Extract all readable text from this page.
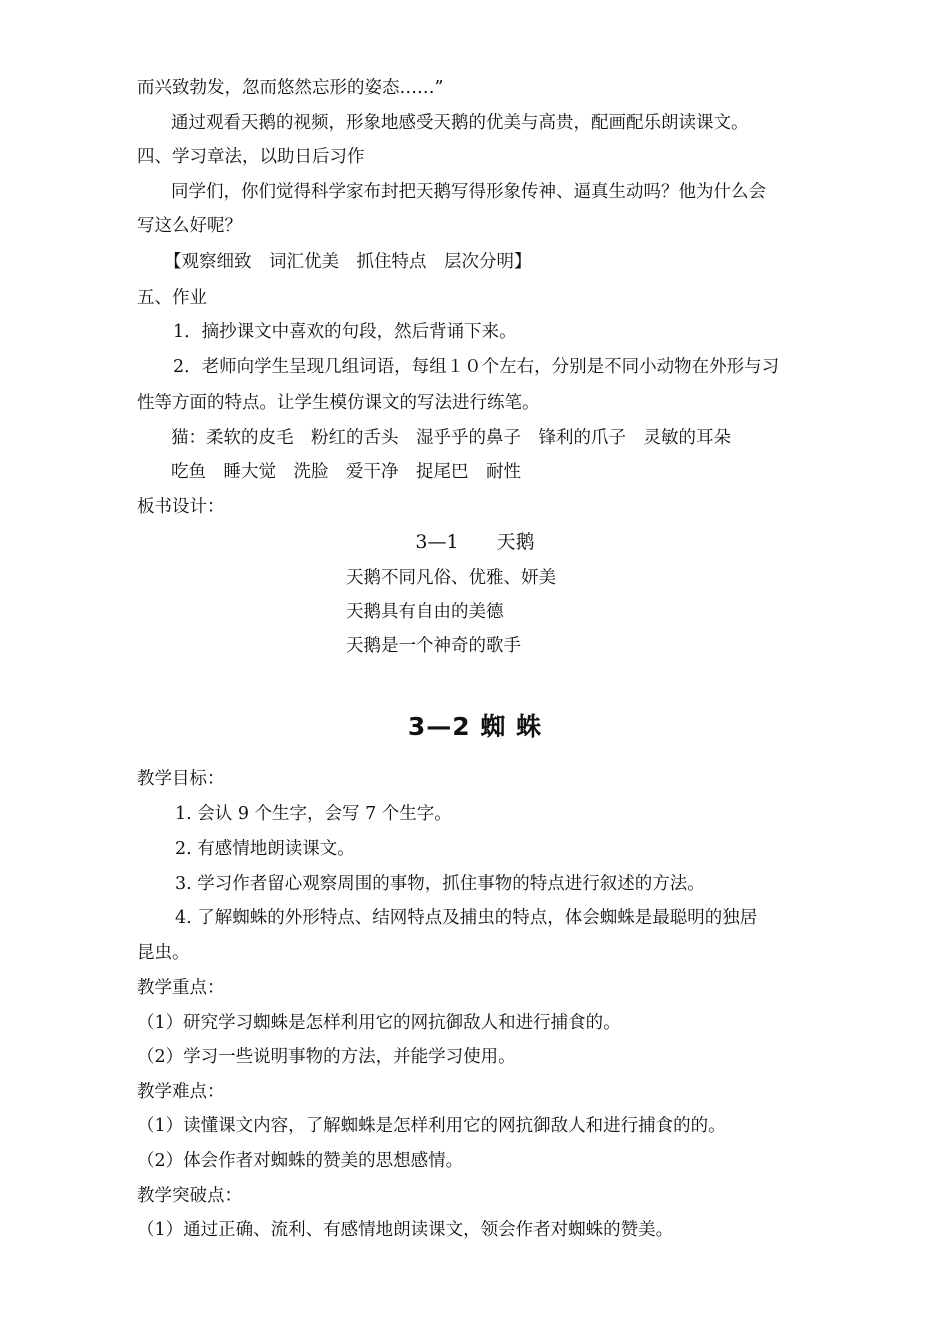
而兴致勃发，忽而悠然忘形的姿态……”
通过观看天鹅的视频，形象地感受天鹅的优美与高贵，配画配乐朗读课文。
四、学习章法，以助日后习作
同学们，你们觉得科学家布封把天鹅写得形象传神、逼真生动吗？他为什么会
写这么好呢？
【观察细致　词汇优美　抓住特点　层次分明】
五、作业
1．摘抄课文中喜欢的句段，然后背诵下来。
2．老师向学生呈现几组词语，每组１０个左右，分别是不同小动物在外形与习
性等方面的特点。让学生模仿课文的写法进行练笔。
猫：柔软的皮毛　粉红的舌头　湿乎乎的鼻子　锋利的爪子　灵敏的耳朵
吃鱼　睡大觉　洗脸　爱干净　捉尾巴　耐性
板书设计：
3—1　　天鹅
天鹅不同凡俗、优雅、妍美
天鹅具有自由的美德
天鹅是一个神奇的歌手
3—2 蜘 蛛
教学目标：
1. 会认 9 个生字，会写 7 个生字。
2. 有感情地朗读课文。
3. 学习作者留心观察周围的事物，抓住事物的特点进行叙述的方法。
4. 了解蜘蛛的外形特点、结网特点及捕虫的特点，体会蜘蛛是最聪明的独居
昆虫。
教学重点：
（1）研究学习蜘蛛是怎样利用它的网抗御敌人和进行捕食的。
（2）学习一些说明事物的方法，并能学习使用。
教学难点：
（1）读懂课文内容，了解蜘蛛是怎样利用它的网抗御敌人和进行捕食的的。
（2）体会作者对蜘蛛的赞美的思想感情。
教学突破点：
（1）通过正确、流利、有感情地朗读课文，领会作者对蜘蛛的赞美。
